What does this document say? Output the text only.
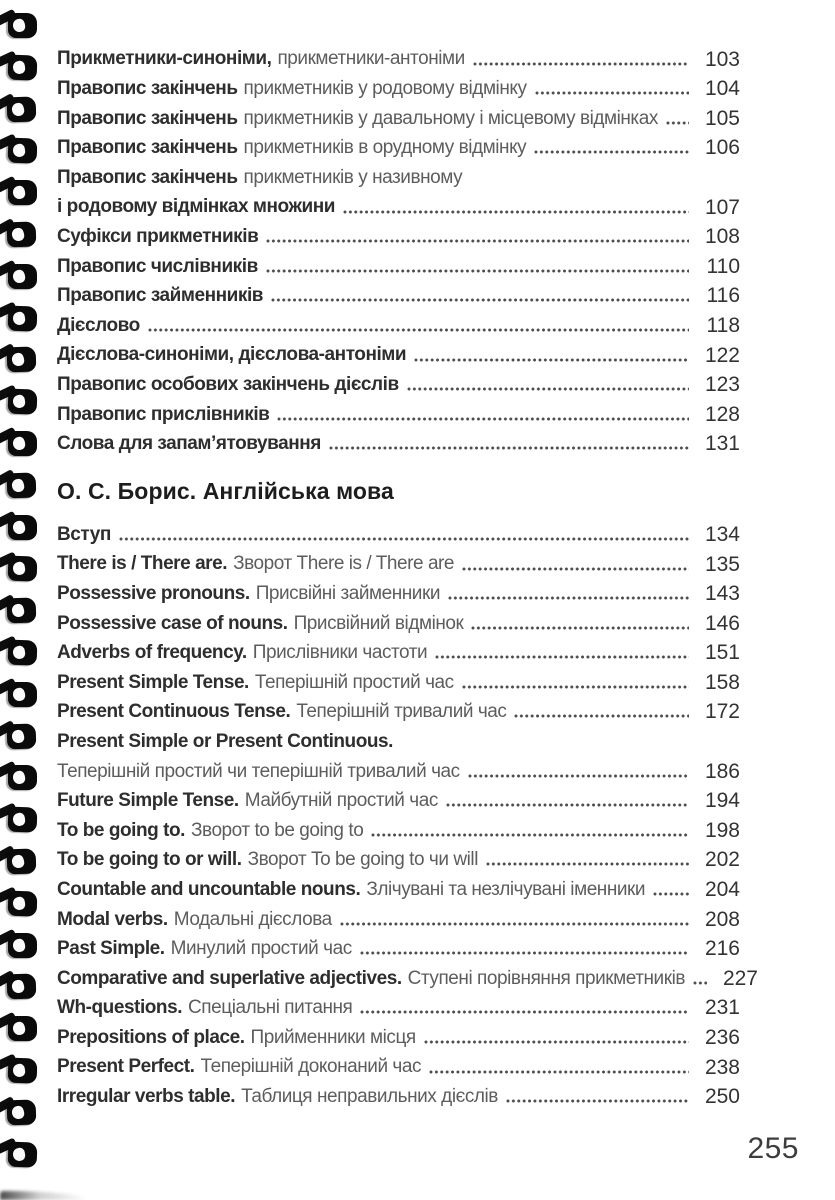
Прикметники-синоніми, прикметники-антоніми	103
Правопис закінчень прикметників у родовому відмінку	104
Правопис закінчень прикметників у давальному і місцевому відмінках	105
Правопис закінчень прикметників в орудному відмінку	106
Правопис закінчень прикметників у називному
і родовому відмінках множини	107
Суфікси прикметників	108
Правопис числівників	110
Правопис займенників	116
Дієслово	118
Дієслова-синоніми, дієслова-антоніми	122
Правопис особових закінчень дієслів	123
Правопис прислівників	128
Слова для запам’ятовування	131
О. С. Борис. Англійська мова
Вступ	134
There is / There are. Зворот There is / There are	135
Possessive pronouns. Присвійні займенники	143
Possessive case of nouns. Присвійний відмінок	146
Adverbs of frequency. Прислівники частоти	151
Present Simple Tense. Теперішній простий час	158
Present Continuous Tense. Теперішній тривалий час	172
Present Simple or Present Continuous.
Теперішній простий чи теперішній тривалий час	186
Future Simple Tense. Майбутній простий час	194
To be going to. Зворот to be going to	198
To be going to or will. Зворот To be going to чи will	202
Countable and uncountable nouns. Злічувані та незлічувані іменники	204
Modal verbs. Модальні дієслова	208
Past Simple. Минулий простий час	216
Comparative and superlative adjectives. Ступені порівняння прикметників	227
Wh-questions. Спеціальні питання	231
Prepositions of place. Прийменники місця	236
Present Perfect. Теперішній доконаний час	238
Irregular verbs table. Таблиця неправильних дієслів	250
255
